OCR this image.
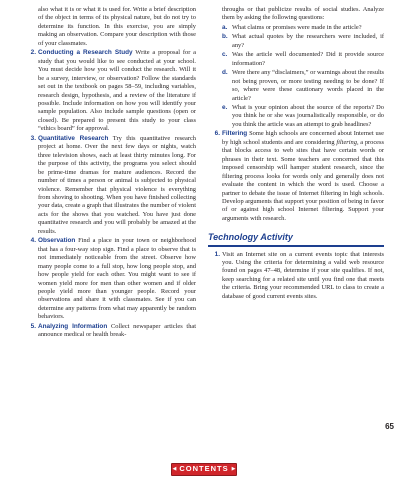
also what it is or what it is used for. Write a brief description of the object in terms of its physical nature, but do not try to determine its function. In this exercise, you are simply making an observation. Compare your description with those of your classmates.

2. Conducting a Research Study Write a proposal for a study that you would like to see conducted at your school. You must decide how you will conduct the research. Will it be a survey, interview, or observation? Follow the standards set out in the textbook on pages 58–59, including variables, research design, hypothesis, and a review of the literature if possible. Include information on how you will identify your sample population. Also include sample questions (open or closed). Be prepared to present this study to your class “ethics board” for approval.

3. Quantitative Research Try this quantitative research project at home. Over the next few days or nights, watch three television shows, each at least thirty minutes long. For the purpose of this activity, the programs you select should be prime-time dramas for mature audiences. Record the number of times a person or animal is subjected to physical violence. Remember that physical violence is everything from shoving to shooting. When you have finished collecting your data, create a graph that illustrates the number of violent acts for the shows that you watched. You have just done quantitative research and you will probably be amazed at the results.

4. Observation Find a place in your town or neighborhood that has a four-way stop sign. Find a place to observe that is not immediately noticeable from the street. Observe how many people come to a full stop, how long people stop, and how people yield for each other. You might want to see if women yield more for men than other women and if older people yield more than younger people. Record your observations and share it with classmates. See if you can determine any patterns from what may apparently be random behaviors.

5. Analyzing Information Collect newspaper articles that announce medical or health break-

throughs or that publicize results of social studies. Analyze them by asking the following questions:

a. What claims or promises were made in the article?

b. What actual quotes by the researchers were included, if any?

c. Was the article well documented? Did it provide source information?

d. Were there any “disclaimers,” or warnings about the results not being proven, or more testing needing to be done? If so, where were these cautionary words placed in the article?

e. What is your opinion about the source of the reports? Do you think he or she was journalistically responsible, or do you think the article was an attempt to grab headlines?

6. Filtering Some high schools are concerned about Internet use by high school students and are considering filtering, a process that blocks access to web sites that have certain words or phrases in their text. Some teachers are concerned that this imposed censorship will hamper student research, since the filtering process looks for words only and generally does not evaluate the content in which the word is used. Choose a partner to debate the issue of Internet filtering in high schools. Develop arguments that support your position of being in favor of or against high school Internet filtering. Support your arguments with research.

Technology Activity
1. Visit an Internet site on a current events topic that interests you. Using the criteria for determining a valid web resource found on pages 47–48, determine if your site qualifies. If not, keep searching for a related site until you find one that meets the criteria. Bring your recommended URL to class to create a database of good current events sites.

65
◀ CONTENTS ▶
